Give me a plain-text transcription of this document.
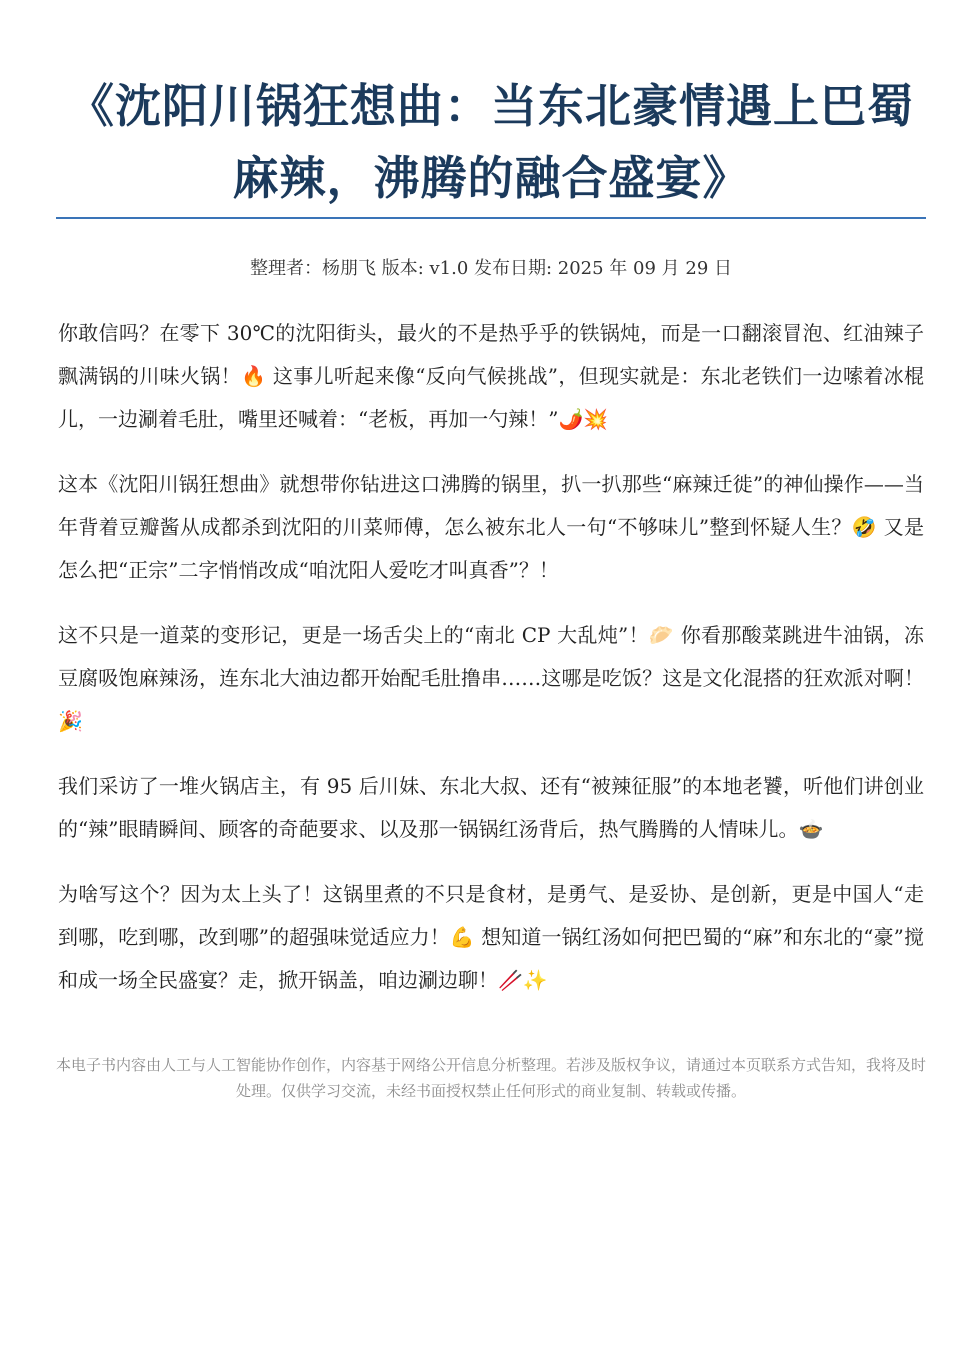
《沈阳川锅狂想曲：当东北豪情遇上巴蜀麻辣，沸腾的融合盛宴》
整理者：杨朋飞 版本: v1.0 发布日期: 2025 年 09 月 29 日

你敢信吗？在零下 30℃的沈阳街头，最火的不是热乎乎的铁锅炖，而是一口翻滚冒泡、红油辣子飘满锅的川味火锅！🔥 这事儿听起来像“反向气候挑战”，但现实就是：东北老铁们一边嗦着冰棍儿，一边涮着毛肚，嘴里还喊着：“老板，再加一勺辣！”🌶️💥

这本《沈阳川锅狂想曲》就想带你钻进这口沸腾的锅里，扒一扒那些“麻辣迁徙”的神仙操作——当年背着豆瓣酱从成都杀到沈阳的川菜师傅，怎么被东北人一句“不够味儿”整到怀疑人生？🤣 又是怎么把“正宗”二字悄悄改成“咱沈阳人爱吃才叫真香”？！

这不只是一道菜的变形记，更是一场舌尖上的“南北 CP 大乱炖”！🥟 你看那酸菜跳进牛油锅，冻豆腐吸饱麻辣汤，连东北大油边都开始配毛肚撸串……这哪是吃饭？这是文化混搭的狂欢派对啊！🎉

我们采访了一堆火锅店主，有 95 后川妹、东北大叔、还有“被辣征服”的本地老饕，听他们讲创业的“辣”眼睛瞬间、顾客的奇葩要求、以及那一锅锅红汤背后，热气腾腾的人情味儿。🍲

为啥写这个？因为太上头了！这锅里煮的不只是食材，是勇气、是妥协、是创新，更是中国人“走到哪，吃到哪，改到哪”的超强味觉适应力！💪 想知道一锅红汤如何把巴蜀的“麻”和东北的“豪”搅和成一场全民盛宴？走，掀开锅盖，咱边涮边聊！🥢✨

本电子书内容由人工与人工智能协作创作，内容基于网络公开信息分析整理。若涉及版权争议，请通过本页联系方式告知，我将及时处理。仅供学习交流，未经书面授权禁止任何形式的商业复制、转载或传播。
